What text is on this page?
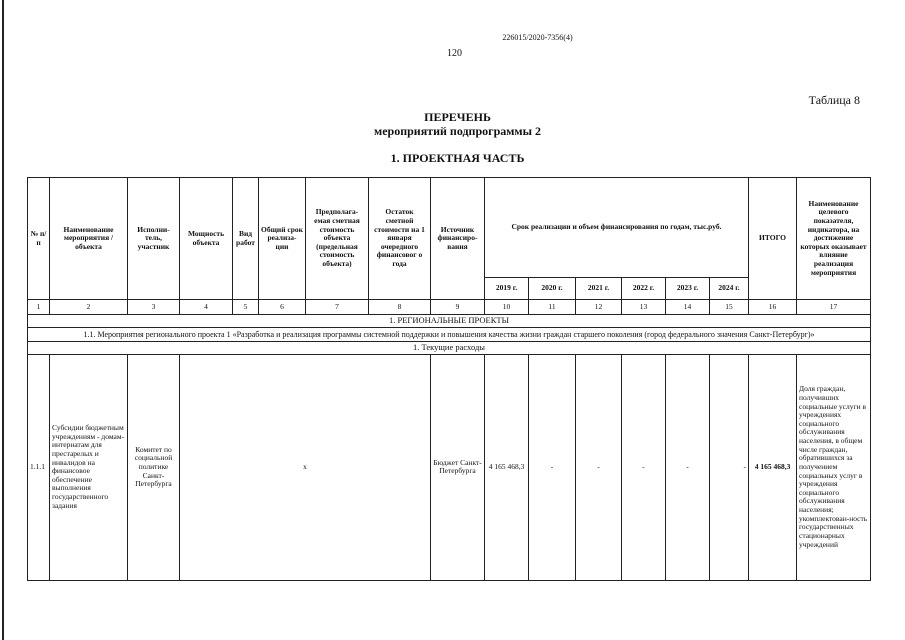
226015/2020-7356(4)
120
Таблица 8
ПЕРЕЧЕНЬ
мероприятий подпрограммы 2
1. ПРОЕКТНАЯ ЧАСТЬ
№ п/п	Наименование мероприятия / объекта	Исполни-тель, участник	Мощность объекта	Вид работ	Общий срок реализа-ции	Предполага-емая сметная стоимость объекта (предельная стоимость объекта)	Остаток сметной стоимости на 1 января очередного финансовог о года	Источник финансиро-вания	Срок реализации и объем финансирования по годам, тыс.руб.						ИТОГО	Наименование целевого показателя, индикатора, на достижение которых оказывает влияние реализация мероприятия
									2019 г.	2020 г.	2021 г.	2022 г.	2023 г.	2024 г.		
1	2	3	4	5	6	7	8	9	10	11	12	13	14	15	16	17
1. РЕГИОНАЛЬНЫЕ ПРОЕКТЫ																
1.1. Мероприятия регионального проекта 1 «Разработка и реализация программы системной поддержки и повышения качества жизни граждан старшего поколения (город федерального значения Санкт-Петербург)»																
1. Текущие расходы																
1.1.1	Субсидии бюджетным учреждениям - домам-интернатам для престарелых и инвалидов на финансовое обеспечение выполнения государственного задания	Комитет по социальной политике Санкт-Петербурга	х					Бюджет Санкт-Петербурга	4 165 468,3	-	-	-	-	-	4 165 468,3	Доля граждан, получивших социальные услуги в учреждениях социального обслуживания населения, в общем числе граждан, обратившихся за получением социальных услуг в учреждения социального обслуживания населения; укомплектован-ность государственных стационарных учреждений
